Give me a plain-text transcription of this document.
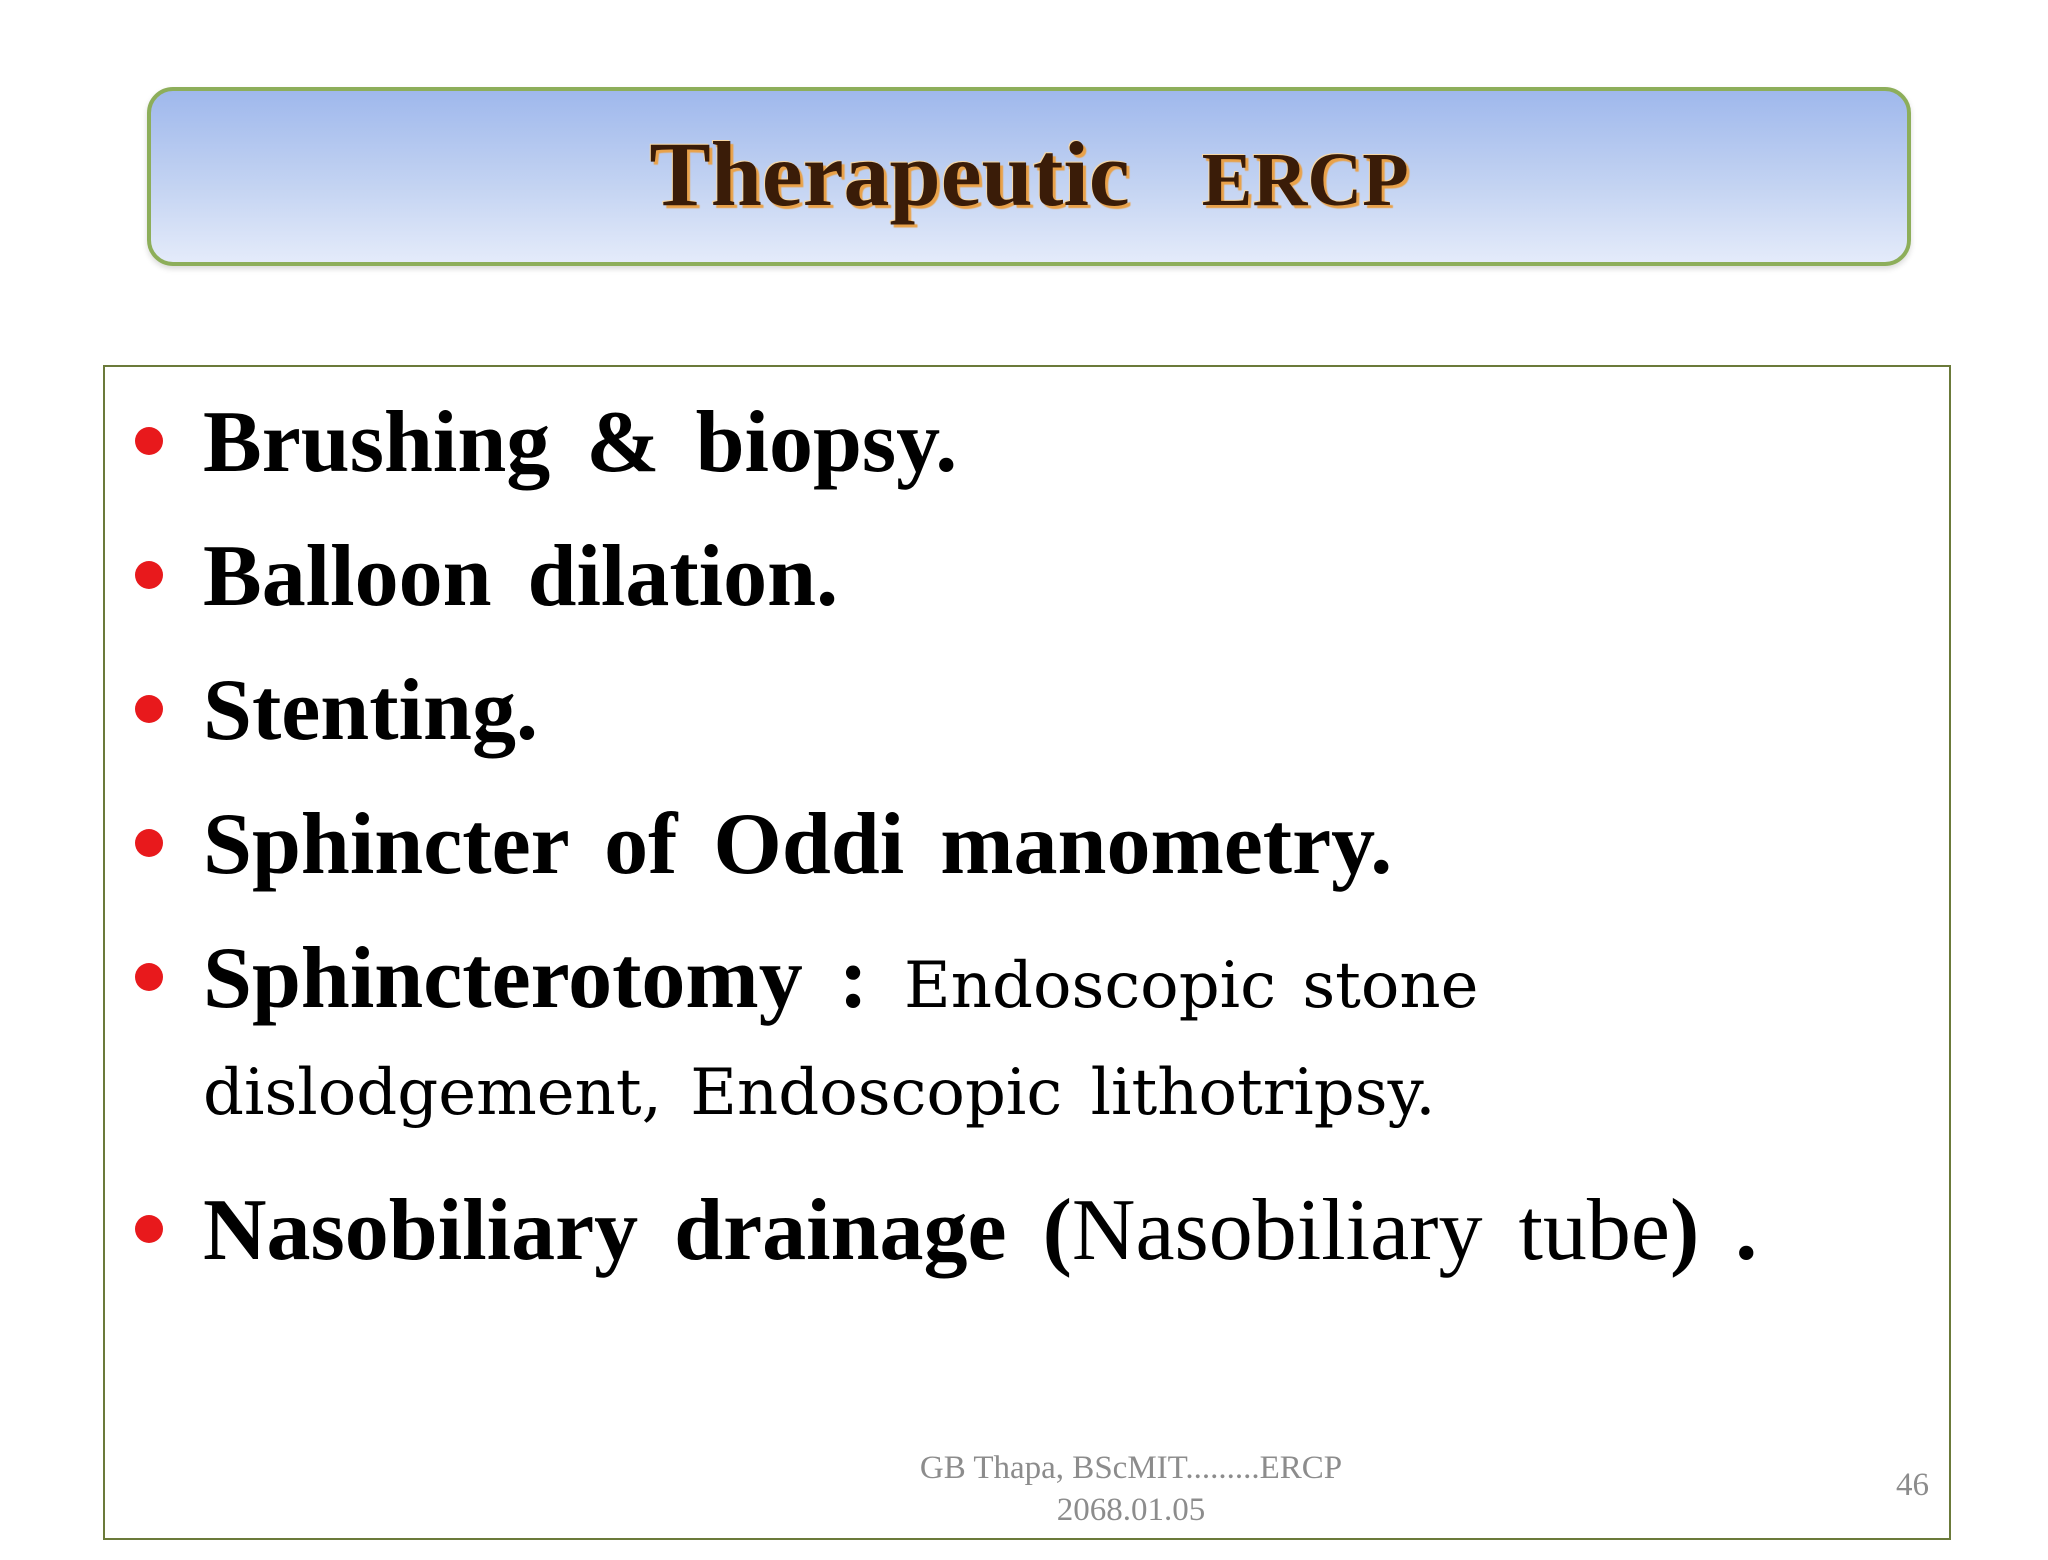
Therapeutic ERCP
Brushing & biopsy.
Balloon dilation.
Stenting.
Sphincter of Oddi manometry.
Sphincterotomy : Endoscopic stone
dislodgement, Endoscopic lithotripsy.
Nasobiliary drainage (Nasobiliary tube) .
GB Thapa, BScMIT.........ERCP
2068.01.05
46
